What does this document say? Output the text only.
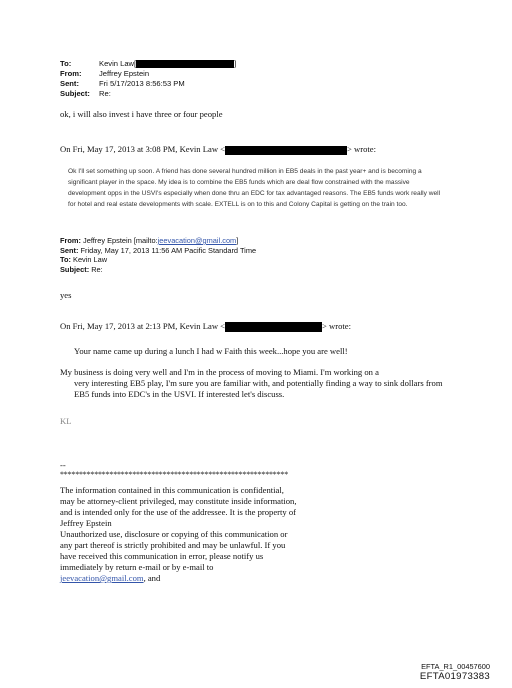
To:	Kevin Law[	]
From:	Jeffrey Epstein
Sent:	Fri 5/17/2013 8:56:53 PM
Subject:	Re:
ok, i will also invest i have three or four people
On Fri, May 17, 2013 at 3:08 PM, Kevin Law <	> wrote:
Ok I'll set something up soon. A friend has done several hundred million in EB5 deals in the past year+ and is becoming a significant player in the space. My idea is to combine the EB5 funds which are deal flow constrained with the massive development opps in the USVI's especially when done thru an EDC for tax advantaged reasons. The EB5 funds work really well for hotel and real estate developments with scale. EXTELL is on to this and Colony Capital is getting on the train too.
From: Jeffrey Epstein [mailto:jeevacation@gmail.com]
Sent: Friday, May 17, 2013 11:56 AM Pacific Standard Time
To: Kevin Law
Subject: Re:
yes
On Fri, May 17, 2013 at 2:13 PM, Kevin Law <	> wrote:
Your name came up during a lunch I had w Faith this week...hope you are well!
My business is doing very well and I'm in the process of moving to Miami. I'm working on a
very interesting EB5 play, I'm sure you are familiar with, and potentially finding a way to sink dollars from EB5 funds into EDC's in the USVI. If interested let's discuss.
KL
--
************************************************************
The information contained in this communication is confidential, may be attorney-client privileged, may constitute inside information, and is intended only for the use of the addressee. It is the property of Jeffrey Epstein
Unauthorized use, disclosure or copying of this communication or any part thereof is strictly prohibited and may be unlawful. If you have received this communication in error, please notify us immediately by return e-mail or by e-mail to jeevacation@gmail.com, and
EFTA_R1_00457600
EFTA01973383
